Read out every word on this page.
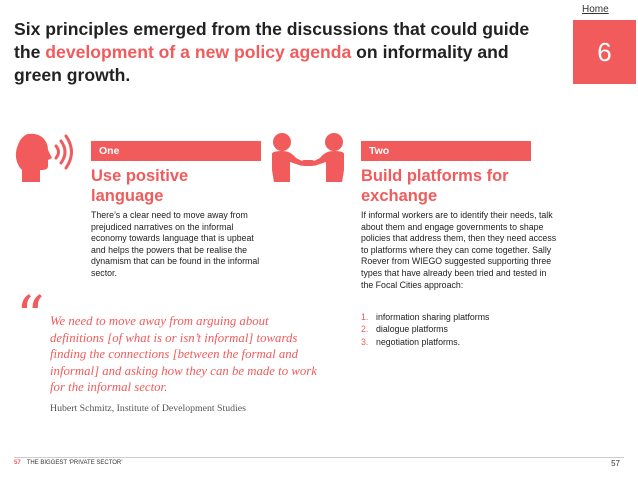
Home
6
Six principles emerged from the discussions that could guide the development of a new policy agenda on informality and green growth.
One	Two
Use positive language
Build platforms for exchange
There’s a clear need to move away from prejudiced narratives on the informal economy towards language that is upbeat and helps the powers that be realise the dynamism that can be found in the informal sector.
If informal workers are to identify their needs, talk about them and engage governments to shape policies that address them, then they need access to platforms where they can come together. Sally Roever from WIEGO suggested supporting three types that have already been tried and tested in the Focal Cities approach:
1. information sharing platforms
2. dialogue platforms
3. negotiation platforms.
“ We need to move away from arguing about definitions [of what is or isn’t informal] towards finding the connections [between the formal and informal] and asking how they can be made to work for the informal sector.
Hubert Schmitz, Institute of Development Studies
57 THE BIGGEST ‘PRIVATE SECTOR’	57
